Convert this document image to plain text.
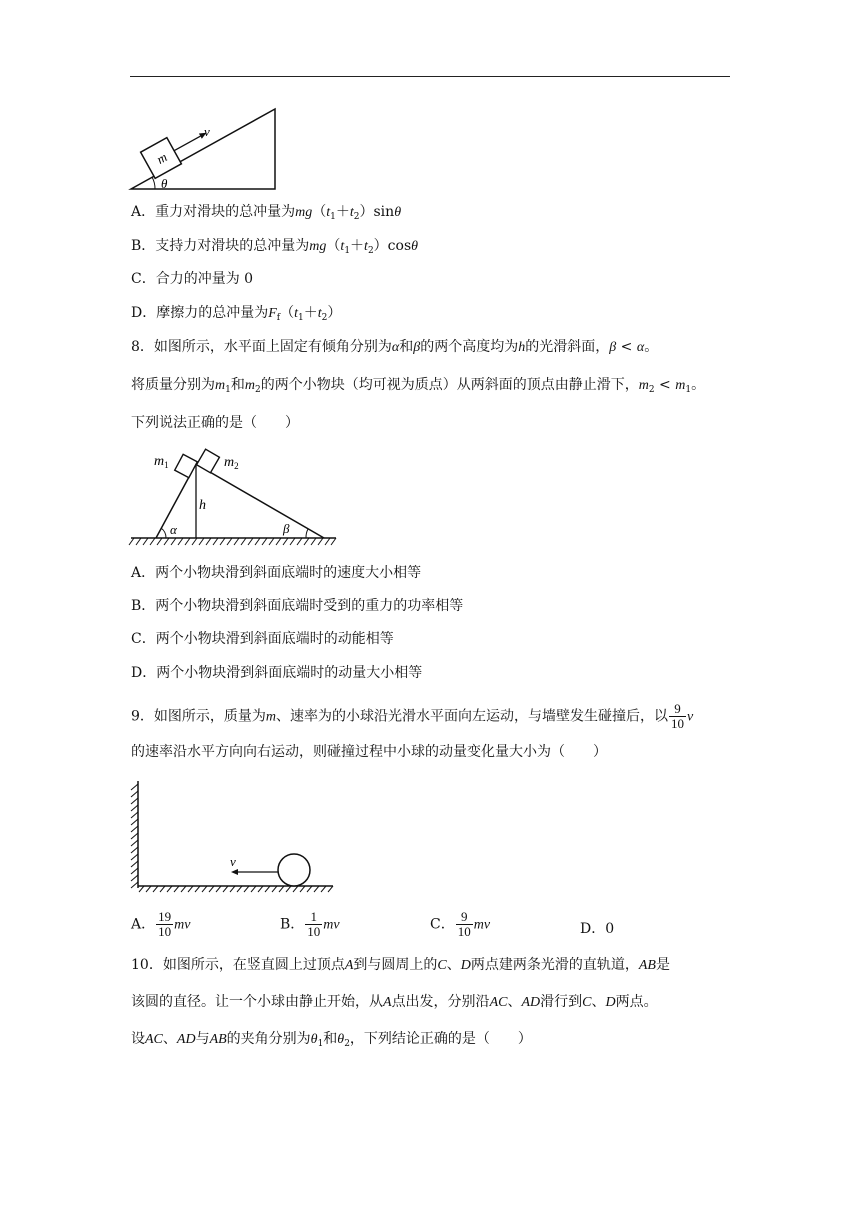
m
v
θ
A．重力对滑块的总冲量为$mg(t_1+t_2)\sin\theta$
B．支持力对滑块的总冲量为$mg(t_1+t_2)\cos\theta$
C．合力的冲量为 0
D．摩擦力的总冲量为$F_f(t_1+t_2)$
8．如图所示，水平面上固定有倾角分别为α和β的两个高度均为h的光滑斜面，β < α。
将质量分别为$m_1$和$m_2$的两个小物块（均可视为质点）从两斜面的顶点由静止滑下，$m_2 < m_1$。
下列说法正确的是（　　）
$m_1$	$m_2$
h
α	β
A．两个小物块滑到斜面底端时的速度大小相等
B．两个小物块滑到斜面底端时受到的重力的功率相等
C．两个小物块滑到斜面底端时的动能相等
D．两个小物块滑到斜面底端时的动量大小相等
9．如图所示，质量为m、速率为的小球沿光滑水平面向左运动，与墙壁发生碰撞后，以 $\frac{9}{10}$ v
的速率沿水平方向向右运动，则碰撞过程中小球的动量变化量大小为（　　）
v
A． $\frac{19}{10}$ mv	B． $\frac{1}{10}$ mv	C． $\frac{9}{10}$ mv	D．0
10．如图所示，在竖直圆上过顶点A到与圆周上的C、D两点建两条光滑的直轨道，AB是
该圆的直径。让一个小球由静止开始，从A点出发，分别沿AC、AD滑行到C、D两点。
设AC、AD与AB的夹角分别为$\theta_1$和$\theta_2$，下列结论正确的是（　　）
